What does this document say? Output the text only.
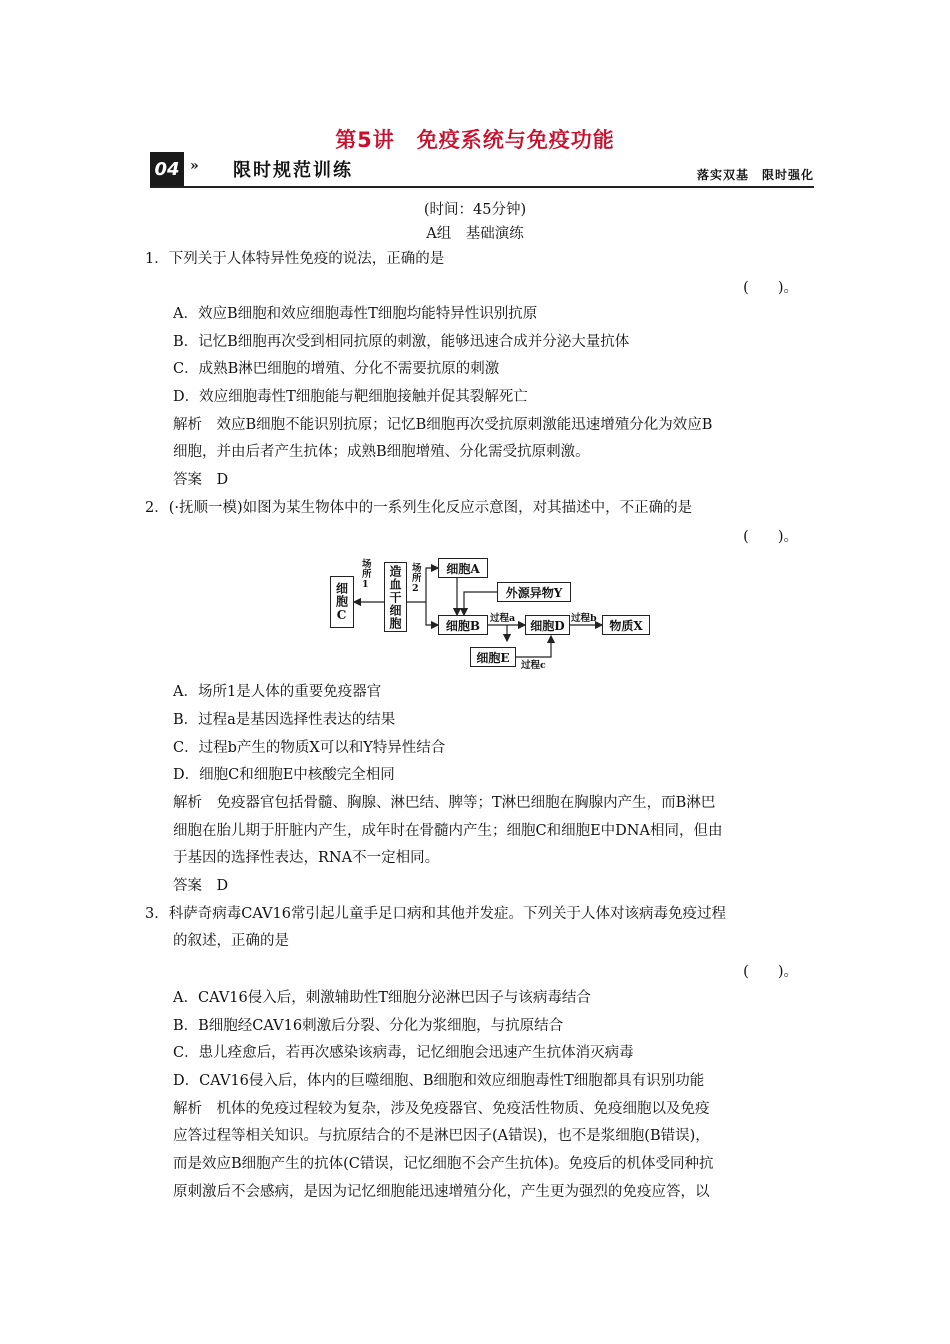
第5讲　免疫系统与免疫功能
04 » 限时规范训练	落实双基　限时强化
(时间：45分钟)
A组　基础演练
1．下列关于人体特异性免疫的说法，正确的是
(　　)。
A．效应B细胞和效应细胞毒性T细胞均能特异性识别抗原
B．记忆B细胞再次受到相同抗原的刺激，能够迅速合成并分泌大量抗体
C．成熟B淋巴细胞的增殖、分化不需要抗原的刺激
D．效应细胞毒性T细胞能与靶细胞接触并促其裂解死亡
解析　效应B细胞不能识别抗原；记忆B细胞再次受抗原刺激能迅速增殖分化为效应B
细胞，并由后者产生抗体；成熟B细胞增殖、分化需受抗原刺激。
答案　D
2．(·抚顺一模)如图为某生物体中的一系列生化反应示意图，对其描述中，不正确的是
(　　)。
细胞C	造血干细胞
场所1
场所2
细胞A
外源异物Y
细胞B	过程a	细胞D 过程b	物质X
细胞E
过程c
A．场所1是人体的重要免疫器官
B．过程a是基因选择性表达的结果
C．过程b产生的物质X可以和Y特异性结合
D．细胞C和细胞E中核酸完全相同
解析　免疫器官包括骨髓、胸腺、淋巴结、脾等；T淋巴细胞在胸腺内产生，而B淋巴
细胞在胎儿期于肝脏内产生，成年时在骨髓内产生；细胞C和细胞E中DNA相同，但由
于基因的选择性表达，RNA不一定相同。
答案　D
3．科萨奇病毒CAV16常引起儿童手足口病和其他并发症。下列关于人体对该病毒免疫过程
的叙述，正确的是
(　　)。
A．CAV16侵入后，刺激辅助性T细胞分泌淋巴因子与该病毒结合
B．B细胞经CAV16刺激后分裂、分化为浆细胞，与抗原结合
C．患儿痊愈后，若再次感染该病毒，记忆细胞会迅速产生抗体消灭病毒
D．CAV16侵入后，体内的巨噬细胞、B细胞和效应细胞毒性T细胞都具有识别功能
解析　机体的免疫过程较为复杂，涉及免疫器官、免疫活性物质、免疫细胞以及免疫
应答过程等相关知识。与抗原结合的不是淋巴因子(A错误)，也不是浆细胞(B错误)，
而是效应B细胞产生的抗体(C错误，记忆细胞不会产生抗体)。免疫后的机体受同种抗
原刺激后不会感病，是因为记忆细胞能迅速增殖分化，产生更为强烈的免疫应答，以
